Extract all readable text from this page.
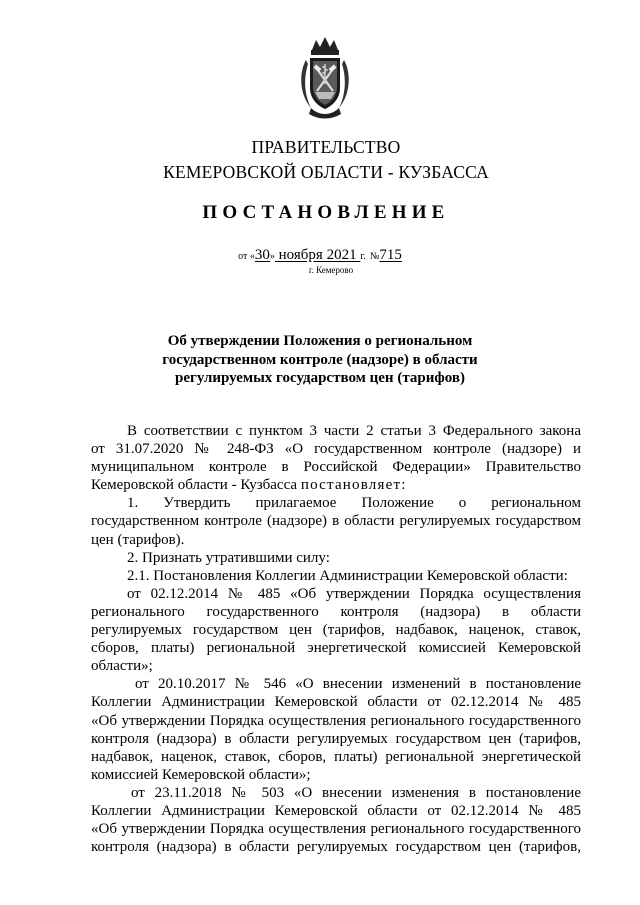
ПРАВИТЕЛЬСТВО
КЕМЕРОВСКОЙ ОБЛАСТИ - КУЗБАССА
ПОСТАНОВЛЕНИЕ
от «30» ноября 2021 г. №715
г. Кемерово
Об утверждении Положения о региональном
государственном контроле (надзоре) в области
регулируемых государством цен (тарифов)
В соответствии с пунктом 3 части 2 статьи 3 Федерального закона
от 31.07.2020 № 248-ФЗ «О государственном контроле (надзоре) и
муниципальном контроле в Российской Федерации» Правительство
Кемеровской области - Кузбасса постановляет:
1. Утвердить прилагаемое Положение о региональном
государственном контроле (надзоре) в области регулируемых государством
цен (тарифов).
2. Признать утратившими силу:
2.1. Постановления Коллегии Администрации Кемеровской области:
от 02.12.2014 № 485 «Об утверждении Порядка осуществления
регионального государственного контроля (надзора) в области
регулируемых государством цен (тарифов, надбавок, наценок, ставок,
сборов, платы) региональной энергетической комиссией Кемеровской
области»;
от 20.10.2017 № 546 «О внесении изменений в постановление
Коллегии Администрации Кемеровской области от 02.12.2014 № 485
«Об утверждении Порядка осуществления регионального государственного
контроля (надзора) в области регулируемых государством цен (тарифов,
надбавок, наценок, ставок, сборов, платы) региональной энергетической
комиссией Кемеровской области»;
от 23.11.2018 № 503 «О внесении изменения в постановление
Коллегии Администрации Кемеровской области от 02.12.2014 № 485
«Об утверждении Порядка осуществления регионального государственного
контроля (надзора) в области регулируемых государством цен (тарифов,
